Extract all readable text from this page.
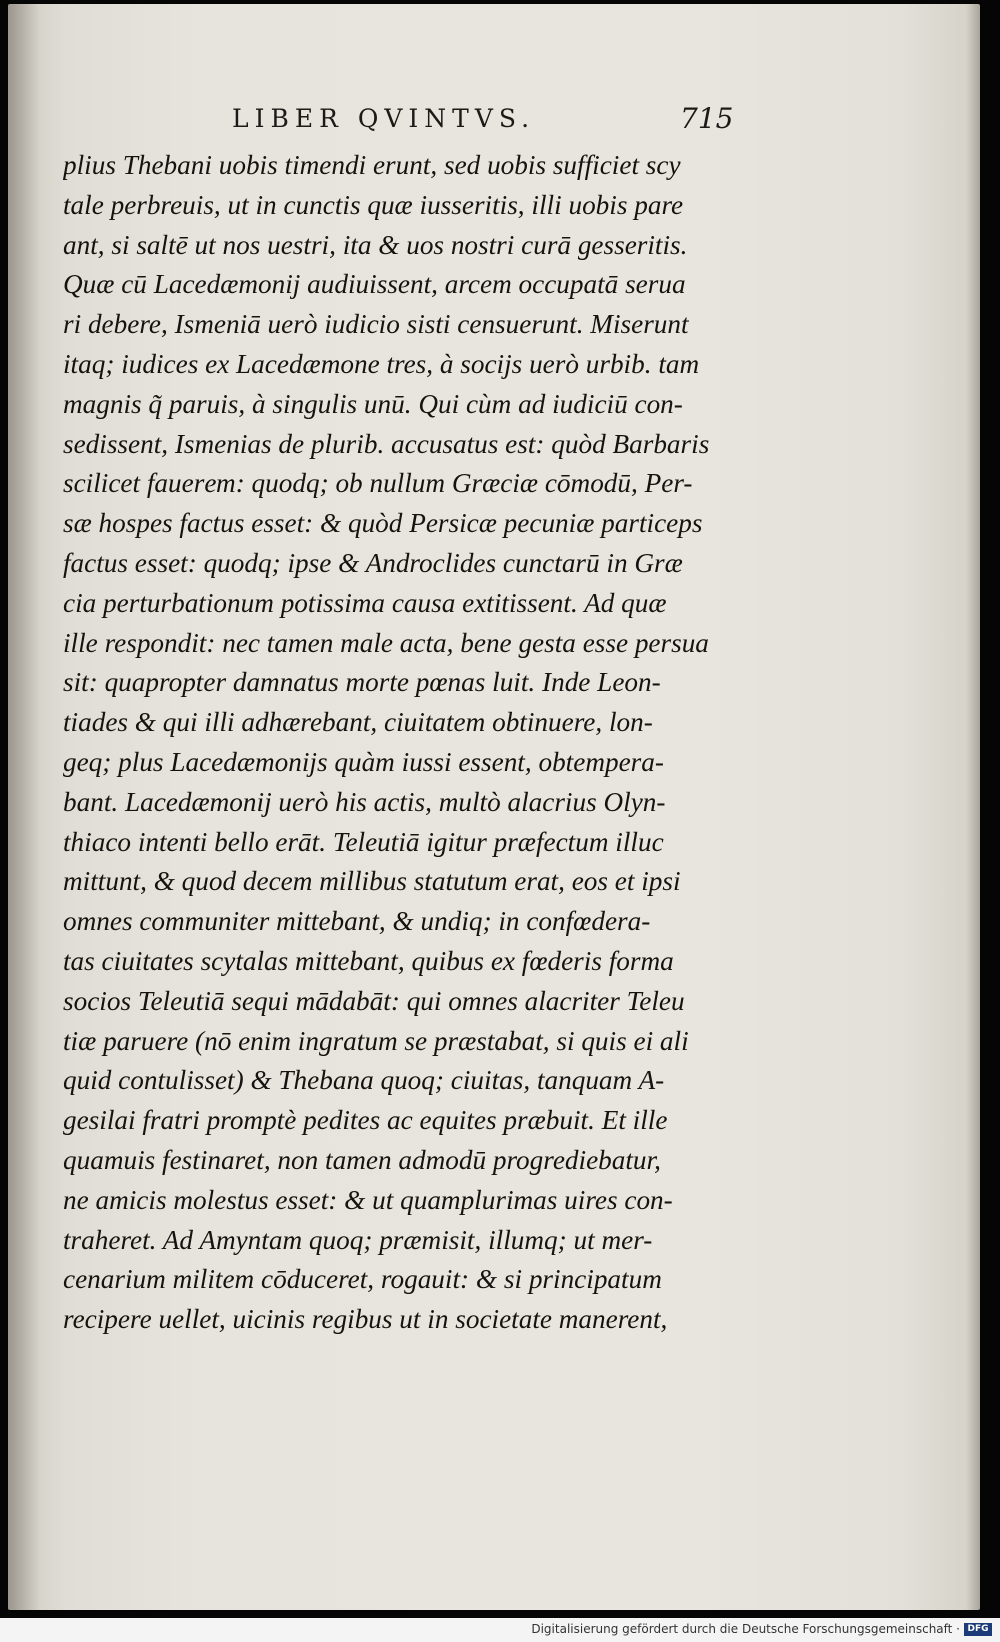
LIBER QVINTVS.	715
plius Thebani uobis timendi erunt, sed uobis sufficiet scy
tale perbreuis, ut in cunctis quæ iusseritis, illi uobis pare
ant, si saltē ut nos uestri, ita & uos nostri curā gesseritis.
Quæ cū Lacedæmonij audiuissent, arcem occupatā serua
ri debere, Ismeniā uerò iudicio sisti censuerunt. Miserunt
itaq; iudices ex Lacedæmone tres, à socijs uerò urbib. tam
magnis q̃ paruis, à singulis unū. Qui cùm ad iudiciū con-
sedissent, Ismenias de plurib. accusatus est: quòd Barbaris
scilicet fauerет: quodq; ob nullum Græciæ cōmodū, Per-
sæ hospes factus esset: & quòd Persicæ pecuniæ particeps
factus esset: quodq; ipse & Androclides cunctarū in Græ
cia perturbationum potissima causa extitissent. Ad quæ
ille respondit: nec tamen male acta, bene gesta esse persua
sit: quapropter damnatus morte pœnas luit. Inde Leon-
tiades & qui illi adhærebant, ciuitatem obtinuere, lon-
geq; plus Lacedæmonijs quàm iussi essent, obtempera-
bant. Lacedæmonij uerò his actis, multò alacrius Olyn-
thiaco intenti bello erāt. Teleutiā igitur præfectum illuc
mittunt, & quod decem millibus statutum erat, eos et ipsi
omnes communiter mittebant, & undiq; in confœdera-
tas ciuitates scytalas mittebant, quibus ex fœderis forma
socios Teleutiā sequi mādabāt: qui omnes alacriter Teleu
tiæ paruere (nō enim ingratum se præstabat, si quis ei ali
quid contulisset) & Thebana quoq; ciuitas, tanquam A-
gesilai fratri promptè pedites ac equites præbuit. Et ille
quamuis festinaret, non tamen admodū progrediebatur,
ne amicis molestus esset: & ut quamplurimas uires con-
traheret. Ad Amyntam quoq; præmisit, illumq; ut mer-
cenarium militem cōduceret, rogauit: & si principatum
recipere uellet, uicinis regibus ut in societate manerent,
Digitalisierung gefördert durch die Deutsche Forschungsgemeinschaft · DFG
